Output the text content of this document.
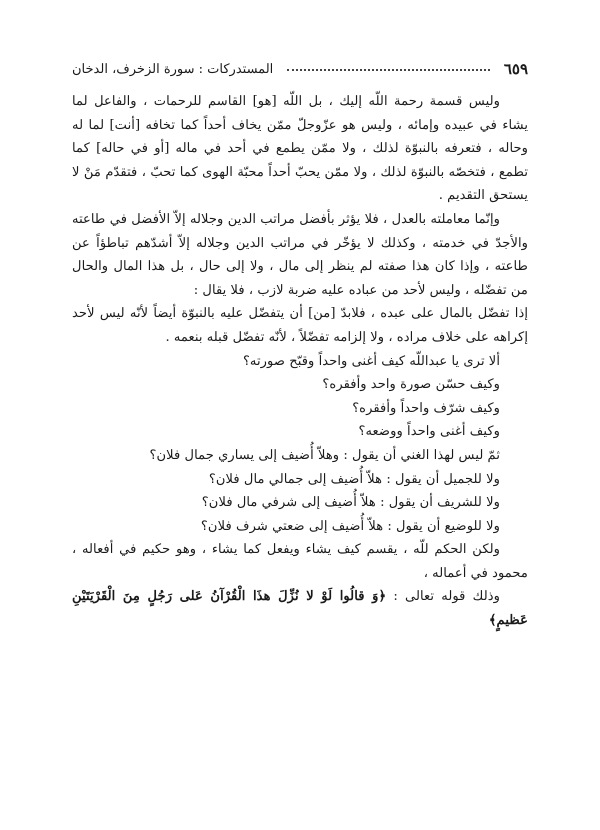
المستدركات : سورة الزخرف، الدخان	٦٥٩

وليس قسمة رحمة اللّه إليك ، بل اللّه [هو] القاسم للرحمات ، والفاعل لما يشاء في عبيده وإمائه ، وليس هو عزّوجلّ ممّن يخاف أحداً كما تخافه [أنت] لما له وحاله ، فتعرفه بالنبوّة لذلك ، ولا ممّن يطمع في أحد في ماله [أو في حاله] كما تطمع ، فتخصّه بالنبوّة لذلك ، ولا ممّن يحبّ أحداً محبّة الهوى كما تحبّ ، فتقدّم مَنْ لا يستحق التقديم .

وإنّما معاملته بالعدل ، فلا يؤثر بأفضل مراتب الدين وجلاله إلاّ الأفضل في طاعته والأجدّ في خدمته ، وكذلك لا يؤخّر في مراتب الدين وجلاله إلاّ أشدّهم تباطؤاً عن طاعته ، وإذا كان هذا صفته لم ينظر إلى مال ، ولا إلى حال ، بل هذا المال والحال من تفضّله ، وليس لأحد من عباده عليه ضربة لازب ، فلا يقال :

إذا تفضّل بالمال على عبده ، فلابدّ [من] أن يتفضّل عليه بالنبوّة أيضاً لأنّه ليس لأحد إكراهه على خلاف مراده ، ولا إلزامه تفضّلاً ، لأنّه تفضّل قبله بنعمه .

ألا ترى يا عبداللّه كيف أغنى واحداً وقبّح صورته؟

وكيف حسّن صورة واحد وأفقره؟

وكيف شرّف واحداً وأفقره؟

وكيف أغنى واحداً ووضعه؟

ثمّ ليس لهذا الغني أن يقول : وهلاّ أُضيف إلى يساري جمال فلان؟

ولا للجميل أن يقول : هلاّ أُضيف إلى جمالي مال فلان؟

ولا للشريف أن يقول : هلاّ أُضيف إلى شرفي مال فلان؟

ولا للوضيع أن يقول : هلاّ أُضيف إلى ضعتي شرف فلان؟

ولكن الحكم للّه ، يقسم كيف يشاء ويفعل كما يشاء ، وهو حكيم في أفعاله ، محمود في أعماله ،

وذلك قوله تعالى : ﴿وَ قالُوا لَوْ لا نُزِّلَ هذَا الْقُرْآنُ عَلى رَجُلٍ مِنَ الْقَرْيَتَيْنِ عَظيمٍ﴾
